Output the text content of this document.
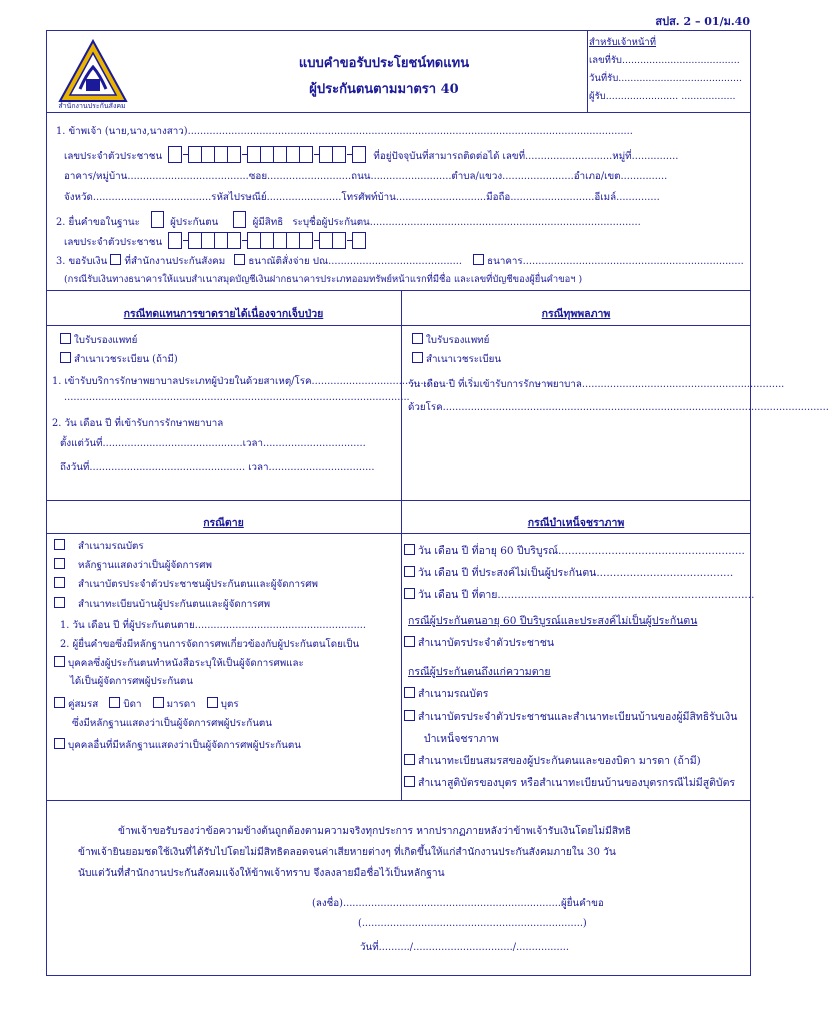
สปส. 2 – 01/ม.40
สำนักงานประกันสังคม
แบบคำขอรับประโยชน์ทดแทน
ผู้ประกันตนตามมาตรา 40
สำหรับเจ้าหน้าที่
เลขที่รับ.......................................
วันที่รับ.........................................
ผู้รับ........................ ..................
1. ข้าพเจ้า (นาย,นาง,นางสาว)...............................................................................................................................................
เลขประจำตัวประชาชน	ที่อยู่ปัจจุบันที่สามารถติดต่อได้ เลขที่............................หมู่ที่...............
อาคาร/หมู่บ้าน.......................................ซอย...........................ถนน..........................ตำบล/แขวง.......................อำเภอ/เขต...............
จังหวัด......................................รหัสไปรษณีย์........................โทรศัพท์บ้าน.............................มือถือ...........................อีเมล์..............
2. ยื่นคำขอในฐานะ	ผู้ประกันตน	ผู้มีสิทธิ ระบุชื่อผู้ประกันตน.......................................................................................
เลขประจำตัวประชาชน
3. ขอรับเงิน ที่สำนักงานประกันสังคม ธนาณัติสั่งจ่าย ปณ...........................................	ธนาคาร.......................................................................
(กรณีรับเงินทางธนาคารให้แนบสำเนาสมุดบัญชีเงินฝากธนาคารประเภทออมทรัพย์หน้าแรกที่มีชื่อ และเลขที่บัญชีของผู้ยื่นคำขอฯ )
กรณีทดแทนการขาดรายได้เนื่องจากเจ็บป่วย	กรณีทุพพลภาพ
ใบรับรองแพทย์
สำเนาเวชระเบียน (ถ้ามี)
1. เข้ารับบริการรักษาพยาบาลประเภทผู้ป่วยในด้วยสาเหตุ/โรค.............................................
...............................................................................................................
2. วัน เดือน ปี ที่เข้ารับการรักษาพยาบาล
ตั้งแต่วันที่.............................................เวลา.................................
ถึงวันที่.................................................. เวลา..................................
ใบรับรองแพทย์
สำเนาเวชระเบียน
วัน เดือน ปี ที่เริ่มเข้ารับการรักษาพยาบาล.................................................................
ด้วยโรค............................................................................................................................
กรณีตาย	กรณีบำเหน็จชราภาพ
สำเนามรณบัตร
หลักฐานแสดงว่าเป็นผู้จัดการศพ
สำเนาบัตรประจำตัวประชาชนผู้ประกันตนและผู้จัดการศพ
สำเนาทะเบียนบ้านผู้ประกันตนและผู้จัดการศพ
1. วัน เดือน ปี ที่ผู้ประกันตนตาย.......................................................
2. ผู้ยื่นคำขอซึ่งมีหลักฐานการจัดการศพเกี่ยวข้องกับผู้ประกันตนโดยเป็น
บุคคลซึ่งผู้ประกันตนทำหนังสือระบุให้เป็นผู้จัดการศพและ
ได้เป็นผู้จัดการศพผู้ประกันตน
คู่สมรส	บิดา	มารดา	บุตร
ซึ่งมีหลักฐานแสดงว่าเป็นผู้จัดการศพผู้ประกันตน
บุคคลอื่นที่มีหลักฐานแสดงว่าเป็นผู้จัดการศพผู้ประกันตน
วัน เดือน ปี ที่อายุ 60 ปีบริบูรณ์........................................................
วัน เดือน ปี ที่ประสงค์ไม่เป็นผู้ประกันตน.........................................
วัน เดือน ปี ที่ตาย.............................................................................
กรณีผู้ประกันตนอายุ 60 ปีบริบูรณ์และประสงค์ไม่เป็นผู้ประกันตน
สำเนาบัตรประจำตัวประชาชน
กรณีผู้ประกันตนถึงแก่ความตาย
สำเนามรณบัตร
สำเนาบัตรประจำตัวประชาชนและสำเนาทะเบียนบ้านของผู้มีสิทธิรับเงิน
บำเหน็จชราภาพ
สำเนาทะเบียนสมรสของผู้ประกันตนและของบิดา มารดา (ถ้ามี)
สำเนาสูติบัตรของบุตร หรือสำเนาทะเบียนบ้านของบุตรกรณีไม่มีสูติบัตร
ข้าพเจ้าขอรับรองว่าข้อความข้างต้นถูกต้องตามความจริงทุกประการ หากปรากฏภายหลังว่าข้าพเจ้ารับเงินโดยไม่มีสิทธิ
ข้าพเจ้ายินยอมชดใช้เงินที่ได้รับไปโดยไม่มีสิทธิตลอดจนค่าเสียหายต่างๆ ที่เกิดขึ้นให้แก่สำนักงานประกันสังคมภายใน 30 วัน
นับแต่วันที่สำนักงานประกันสังคมแจ้งให้ข้าพเจ้าทราบ จึงลงลายมือชื่อไว้เป็นหลักฐาน
(ลงชื่อ)......................................................................ผู้ยื่นคำขอ
(.......................................................................)
วันที่........../................................/.................
